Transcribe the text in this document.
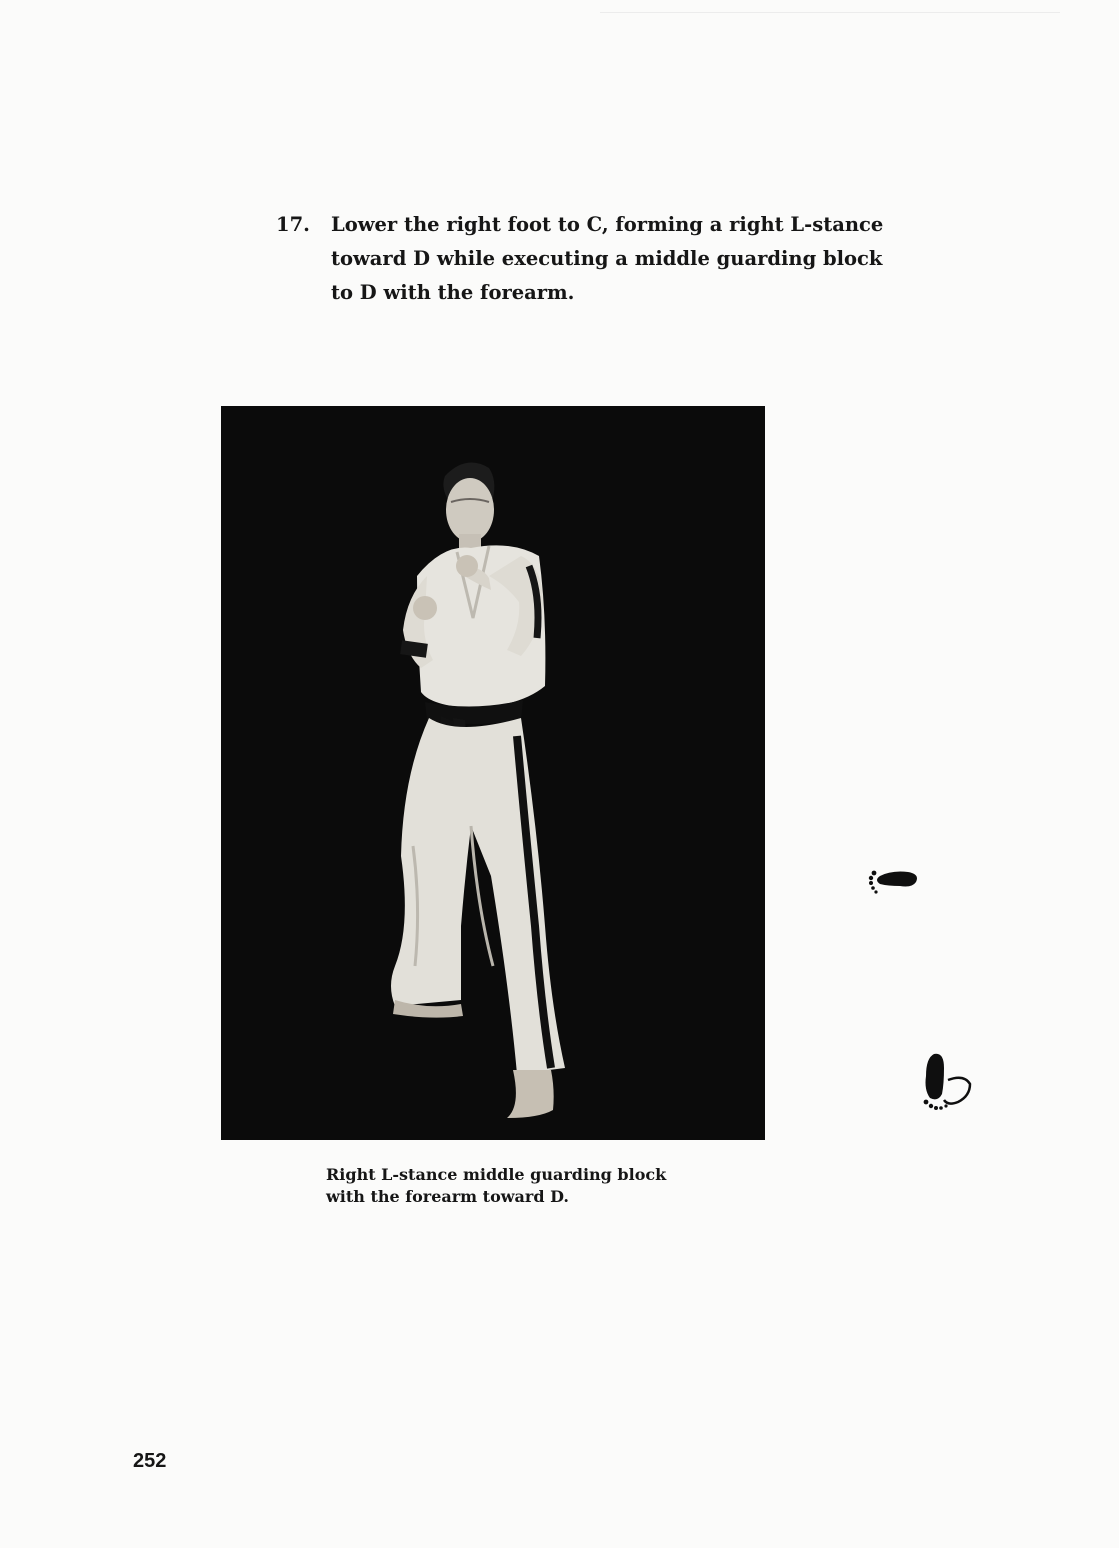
17. Lower the right foot to C, forming a right L-stance
toward D while executing a middle guarding block
to D with the forearm.
Right L-stance middle guarding block
with the forearm toward D.
252
